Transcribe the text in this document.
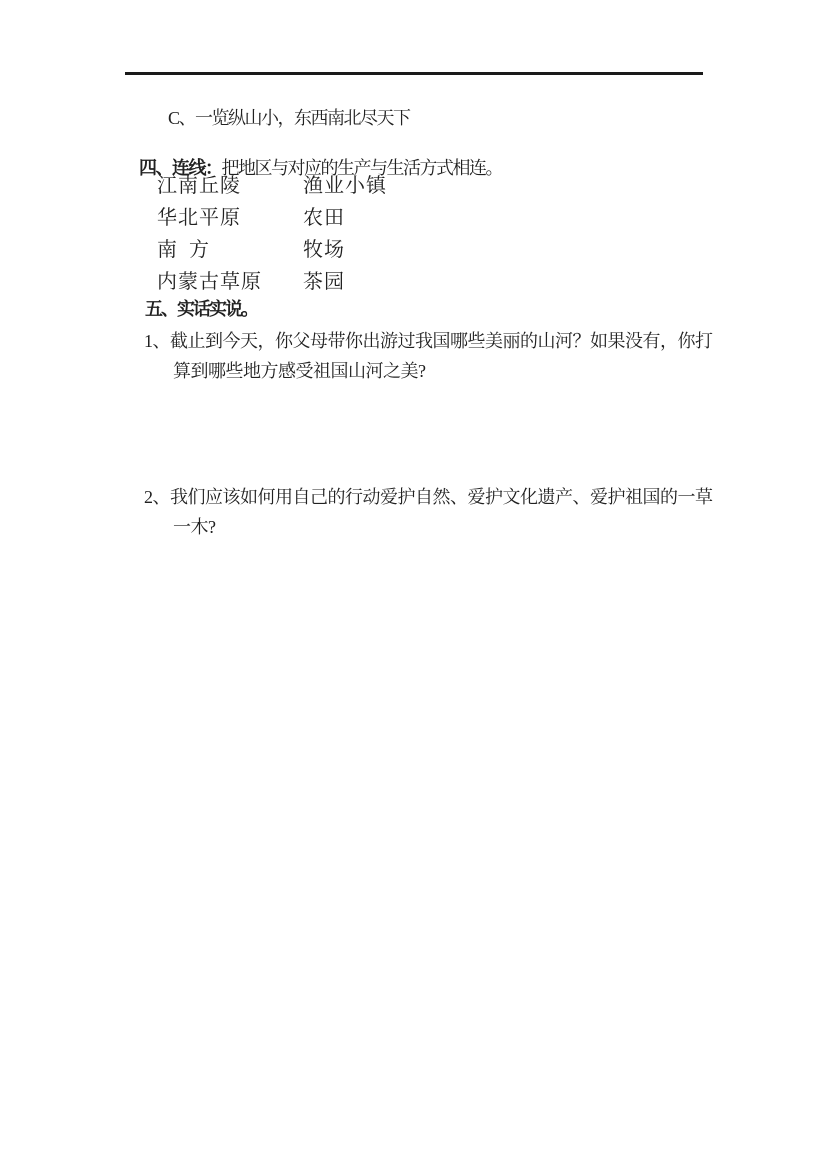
C、一览纵山小，东西南北尽天下

四、连线：把地区与对应的生产与生活方式相连。

江南丘陵	渔业小镇
华北平原	农田
南 方	牧场
内蒙古草原 茶园
五、实话实说。
1、截止到今天，你父母带你出游过我国哪些美丽的山河？如果没有，你打
算到哪些地方感受祖国山河之美?
2、我们应该如何用自己的行动爱护自然、爱护文化遗产、爱护祖国的一草
一木?
